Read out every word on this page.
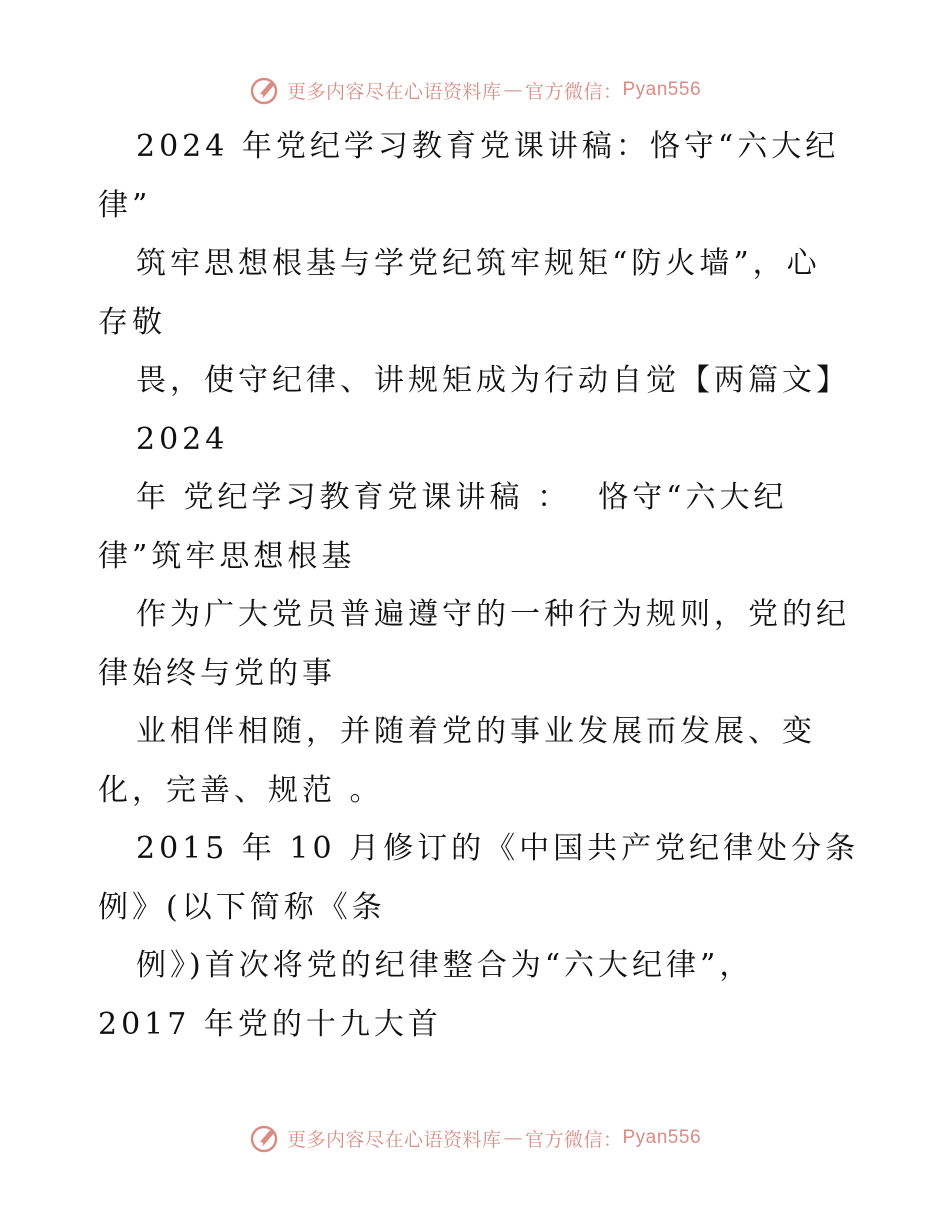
更多内容尽在心语资料库 — 官方微信： Pyan556
2024 年党纪学习教育党课讲稿：恪守“六大纪
律”
筑牢思想根基与学党纪筑牢规矩“防火墙”，心
存敬
畏，使守纪律、讲规矩成为行动自觉【两篇文】
2024
年 党纪学习教育党课讲稿 ：  恪守“六大纪
律”筑牢思想根基
作为广大党员普遍遵守的一种行为规则，党的纪
律始终与党的事
业相伴相随，并随着党的事业发展而发展、变
化，完善、规范 。
2015 年 10 月修订的《中国共产党纪律处分条
例》(以下简称《条
例》)首次将党的纪律整合为“六大纪律”，
2017 年党的十九大首
更多内容尽在心语资料库 — 官方微信： Pyan556
